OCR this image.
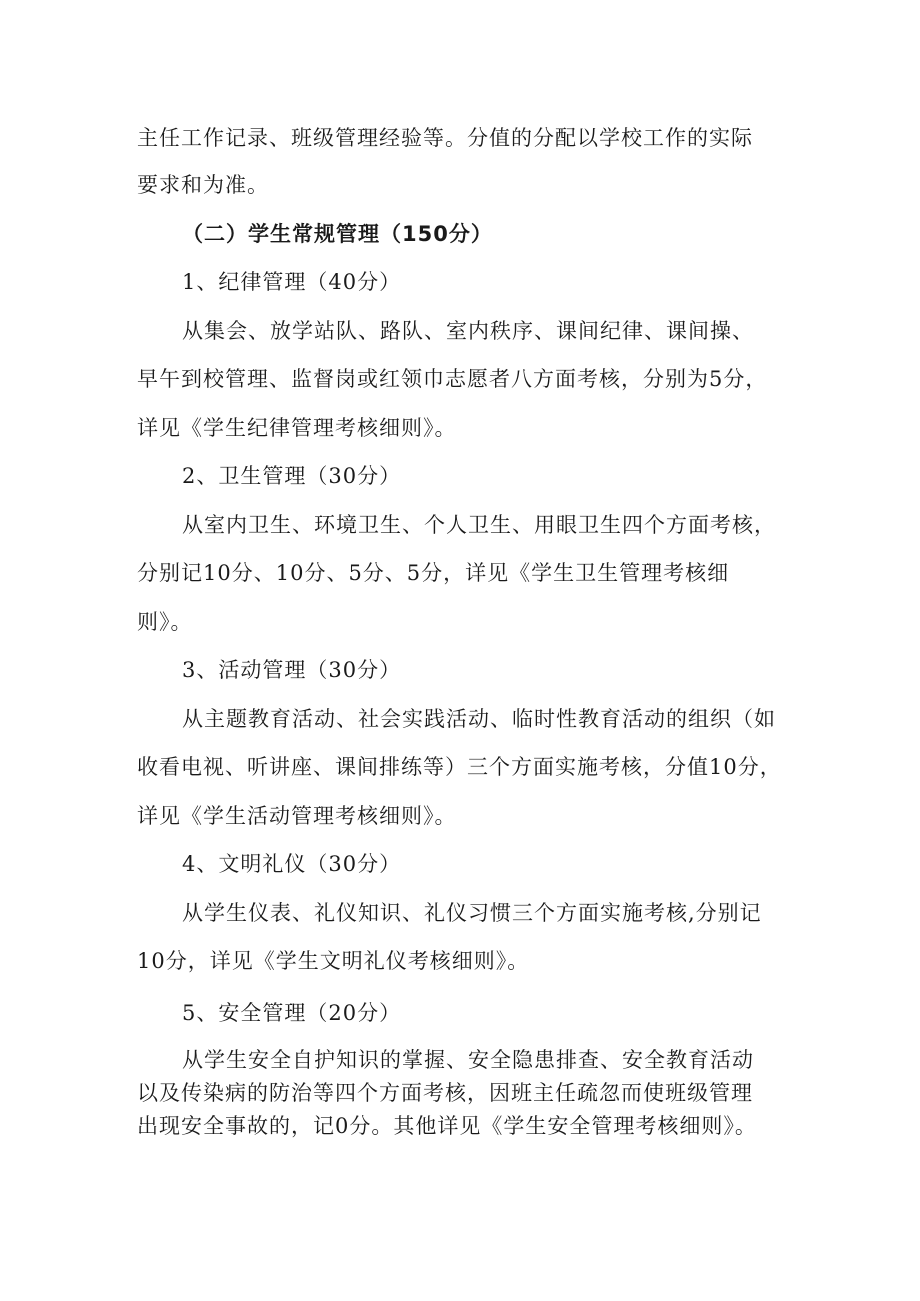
主任工作记录、班级管理经验等。分值的分配以学校工作的实际
要求和为准。
（二）学生常规管理（150分）
1、纪律管理（40分）
从集会、放学站队、路队、室内秩序、课间纪律、课间操、
早午到校管理、监督岗或红领巾志愿者八方面考核，分别为5分，
详见《学生纪律管理考核细则》。
2、卫生管理（30分）
从室内卫生、环境卫生、个人卫生、用眼卫生四个方面考核，
分别记10分、10分、5分、5分，详见《学生卫生管理考核细
则》。
3、活动管理（30分）
从主题教育活动、社会实践活动、临时性教育活动的组织（如
收看电视、听讲座、课间排练等）三个方面实施考核，分值10分，
详见《学生活动管理考核细则》。
4、文明礼仪（30分）
从学生仪表、礼仪知识、礼仪习惯三个方面实施考核,分别记
10分，详见《学生文明礼仪考核细则》。
5、安全管理（20分）
从学生安全自护知识的掌握、安全隐患排查、安全教育活动
以及传染病的防治等四个方面考核，因班主任疏忽而使班级管理
出现安全事故的，记0分。其他详见《学生安全管理考核细则》。
